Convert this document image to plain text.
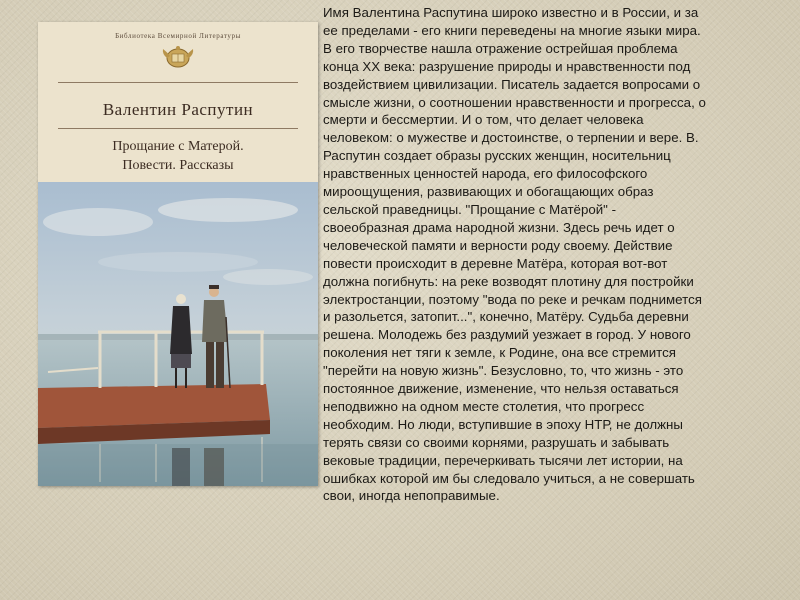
Библиотека Всемирной Литературы
Валентин Распутин
Прощание с Матерой.
Повести. Рассказы

Имя Валентина Распутина широко известно и в России, и за
ее пределами - его книги переведены на многие языки мира.
В его творчестве нашла отражение острейшая проблема
конца XX века: разрушение природы и нравственности под
воздействием цивилизации. Писатель задается вопросами о
смысле жизни, о соотношении нравственности и прогресса, о
смерти и бессмертии. И о том, что делает человека
человеком: о мужестве и достоинстве, о терпении и вере. В.
Распутин создает образы русских женщин, носительниц
нравственных ценностей народа, его философского
мироощущения, развивающих и обогащающих образ
сельской праведницы. "Прощание с Матёрой" -
своеобразная драма народной жизни. Здесь речь идет о
человеческой памяти и верности роду своему. Действие
повести происходит в деревне Матёра, которая вот-вот
должна погибнуть: на реке возводят плотину для постройки
электростанции, поэтому "вода по реке и речкам поднимется
и разольется, затопит...", конечно, Матёру. Судьба деревни
решена. Молодежь без раздумий уезжает в город. У нового
поколения нет тяги к земле, к Родине, она все стремится
"перейти на новую жизнь". Безусловно, то, что жизнь - это
постоянное движение, изменение, что нельзя оставаться
неподвижно на одном месте столетия, что прогресс
необходим. Но люди, вступившие в эпоху НТР, не должны
терять связи со своими корнями, разрушать и забывать
вековые традиции, перечеркивать тысячи лет истории, на
ошибках которой им бы следовало учиться, а не совершать
свои, иногда непоправимые.
